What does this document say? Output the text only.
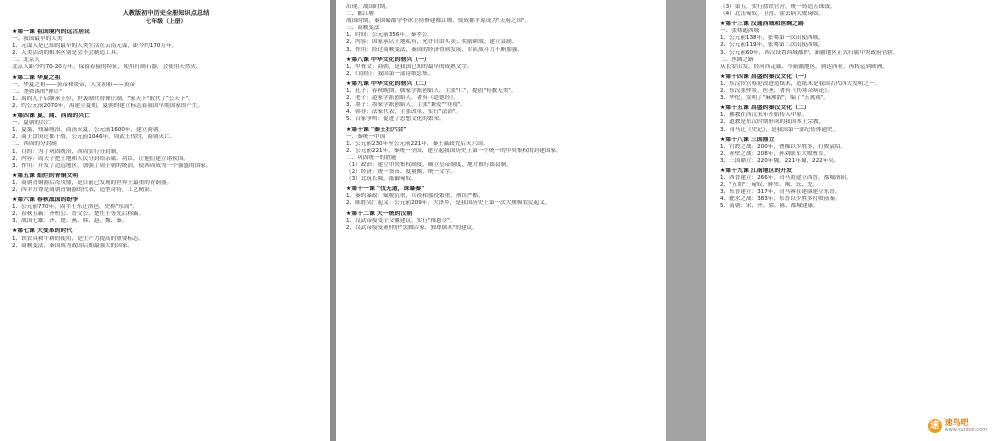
人教版初中历史全册知识点总结
七年级（上册）
★第一课 祖国境内的远古居民
一、我国最早的人类
1、元谋人是已知的最早的人类生活在云南元谋，距今约170万年。
2、人类活动的根本区别是会不会制造工具。
二、北京人
北京人距今约70-20万年，保留着猿的特征，使用打制石器，会使用天然火。
★第二课 华夏之祖
一、华夏之祖——黄帝和炎帝，人文初祖——黄帝
二、尧舜禹的"禅让"
1、禹的儿子启继承王位，世袭制代替禅让制，"家天下"取代了"公天下"。
2、约公元前2070年，禹建立夏朝，夏朝的建立标志着我国早期国家的产生。
★第四课 夏、商、西周的兴亡
一、夏朝的兴亡
1、夏桀，残暴统治，商汤灭夏，公元前1600年，建立商朝。
2、商王盘庚迁都于殷，公元前1046年，周武王伐纣，商朝灭亡。
二、西周的分封制
1、目的：为了巩固统治，西周实行分封制。
2、内容：周天子把土地和人民分封给亲属、功臣，让他们建立诸侯国。
3、作用：开发了边远地区，加强了周王朝的统治，使西周成为一个强盛的国家。
★第五课 灿烂的青铜文明
1、商朝青铜器后母戊鼎，是目前已发现的世界上最重的青铜器。
2、四羊方尊是商朝青铜器的代表，造型奇特，工艺精湛。
★第六课 春秋战国的纷争
1、公元前770年，周平王东迁洛邑，史称"东周"。
2、春秋五霸：齐桓公、晋文公、楚庄王等先后称霸。
3、战国七雄：齐、楚、燕、韩、赵、魏、秦。
★第七课 大变革的时代
1、铁农具和牛耕的使用，是生产力提高的重要标志。
2、商鞅变法，秦国成为战国后期最强大的国家。
出现，战国时期。
二、都江堰
战国时期，秦国蜀郡守李冰主持修建都江堰，使成都平原成为"天府之国"。
三、商鞅变法
1、时间：公元前356年，秦孝公。
2、内容：国家承认土地私有，允许自由买卖；奖励耕战；建立县制。
3、作用：经过商鞅变法，秦国的经济得到发展，军队战斗力不断加强。
★第八课 中华文化的勃兴（一）
1、甲骨文：商朝，是我国已知的最早的成熟文字。
2、《诗经》：我国第一部诗歌总集。
★第九课 中华文化的勃兴（二）
1、孔子：春秋晚期，儒家学派创始人，主张"仁"，提倡"有教无类"。
2、老子：道家学派创始人，著有《道德经》。
3、墨子：墨家学派创始人，主张"兼爱""非攻"。
4、韩非：法家代表，主张改革，实行"法治"。
5、百家争鸣：促进了思想文化的繁荣。
★第十课 "秦王扫六合"
一、秦统一中国
1、公元前230年至公元前221年，秦王嬴政先后灭六国。
2、公元前221年，秦统一全国，建立起我国历史上第一个统一的中央集权的封建国家。
二、巩固统一的措施
（1）政治：建立中央集权制度，确立皇帝制度，地方推行郡县制。
（2）经济：统一货币、度量衡，统一文字。
（3）北筑长城，抵御匈奴。
★第十一课 "伐无道，诛暴秦"
1、秦的暴政：赋税沉重，兵役和徭役繁重，刑罚严酷。
2、陈胜吴广起义：公元前209年，大泽乡，是我国历史上第一次大规模农民起义。
★第十二课 大一统的汉朝
1、汉武帝接受主父偃建议，实行"推恩令"。
2、汉武帝接受董仲舒"罢黜百家，独尊儒术"的建议。
（3）第五，实行盐铁官营，统一铸造五铢钱。
（4）北击匈奴，卫青、霍去病大败匈奴。
★第十三课 汉通西域和丝绸之路
一、张骞通西域
1、公元前138年，张骞第一次出使西域。
2、公元前119年，张骞第二次出使西域。
3、公元前60年，西汉设置西域都护，新疆地区正式归属中央政府管辖。
二、丝绸之路
从长安出发，经河西走廊、今新疆地区，到达西亚，再转运到欧洲。
★第十四课 昌盛的秦汉文化（一）
1、东汉宦官蔡伦改进造纸术，造纸术是我国古代四大发明之一。
2、东汉张仲景，医圣，著有《伤寒杂病论》。
3、华佗，发明了"麻沸散"，编了"五禽戏"。
★第十五课 昌盛的秦汉文化（二）
1、佛教在西汉末年开始传入中原。
2、道教是东汉时期形成的我国本土宗教。
3、司马迁《史记》，是我国第一部纪传体通史。
★第十八课 三国鼎立
1、官渡之战：200年，曹操以少胜多，打败袁绍。
2、赤壁之战：208年，孙刘联军大败曹军。
3、三国鼎立：220年魏，221年蜀，222年吴。
★第十九课 江南地区的开发
1、西晋建立：266年，司马炎建立西晋，都城洛阳。
2、"五胡"：匈奴、鲜卑、羯、氐、羌。
3、东晋建立：317年，司马睿在建康建立东晋。
4、淝水之战：383年，东晋以少胜多打败前秦。
5、南朝：宋、齐、梁、陈，都城建康。
速 速鸟吧
www.sunbar.com
